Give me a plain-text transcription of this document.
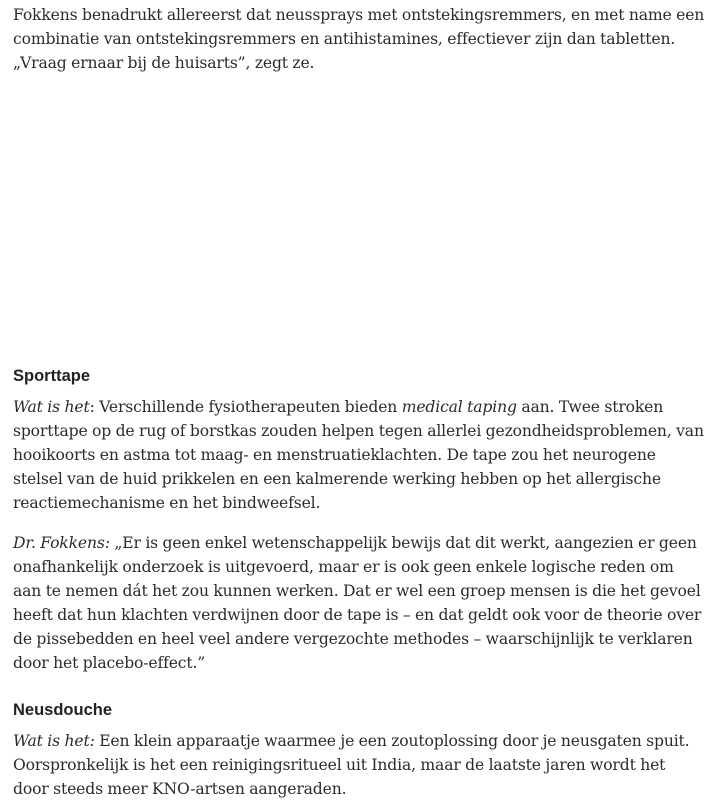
Fokkens benadrukt allereerst dat neussprays met ontstekingsremmers, en met name een combinatie van ontstekingsremmers en antihistamines, effectiever zijn dan tabletten. „Vraag ernaar bij de huisarts”, zegt ze.

Sporttape

Wat is het: Verschillende fysiotherapeuten bieden medical taping aan. Twee stroken sporttape op de rug of borstkas zouden helpen tegen allerlei gezondheidsproblemen, van hooikoorts en astma tot maag- en menstruatieklachten. De tape zou het neurogene stelsel van de huid prikkelen en een kalmerende werking hebben op het allergische reactiemechanisme en het bindweefsel.

Dr. Fokkens: „Er is geen enkel wetenschappelijk bewijs dat dit werkt, aangezien er geen onafhankelijk onderzoek is uitgevoerd, maar er is ook geen enkele logische reden om aan te nemen dát het zou kunnen werken. Dat er wel een groep mensen is die het gevoel heeft dat hun klachten verdwijnen door de tape is – en dat geldt ook voor de theorie over de pissebedden en heel veel andere vergezochte methodes – waarschijnlijk te verklaren door het placebo-effect.”

Neusdouche

Wat is het: Een klein apparaatje waarmee je een zoutoplossing door je neusgaten spuit. Oorspronkelijk is het een reinigingsritueel uit India, maar de laatste jaren wordt het door steeds meer KNO-artsen aangeraden.
